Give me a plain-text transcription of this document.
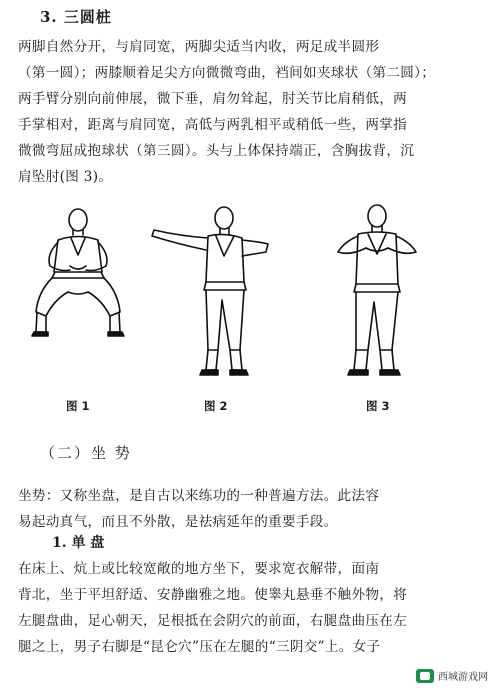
3. 三圆桩
两脚自然分开，与肩同宽，两脚尖适当内收，两足成半圆形
（第一圆）；两膝顺着足尖方向微微弯曲，裆间如夹球状（第二圆）；
两手臂分别向前伸展，微下垂，肩勿耸起，肘关节比肩稍低，两
手掌相对，距离与肩同宽，高低与两乳相平或稍低一些，两掌指
微微弯屈成抱球状（第三圆）。头与上体保持端正，含胸拔背，沉
肩坠肘(图 3)。
图 1	图 2	图 3
（二）坐 势
坐势：又称坐盘，是自古以来练功的一种普遍方法。此法容
易起动真气，而且不外散，是祛病延年的重要手段。
1. 单 盘
在床上、炕上或比较宽敞的地方坐下，要求宽衣解带，面南
背北，坐于平坦舒适、安静幽雅之地。使睾丸悬垂不触外物，将
左腿盘曲，足心朝天，足根抵在会阴穴的前面，右腿盘曲压在左
腿之上，男子右脚是“昆仑穴”压在左腿的“三阴交”上。女子
西城游戏网
